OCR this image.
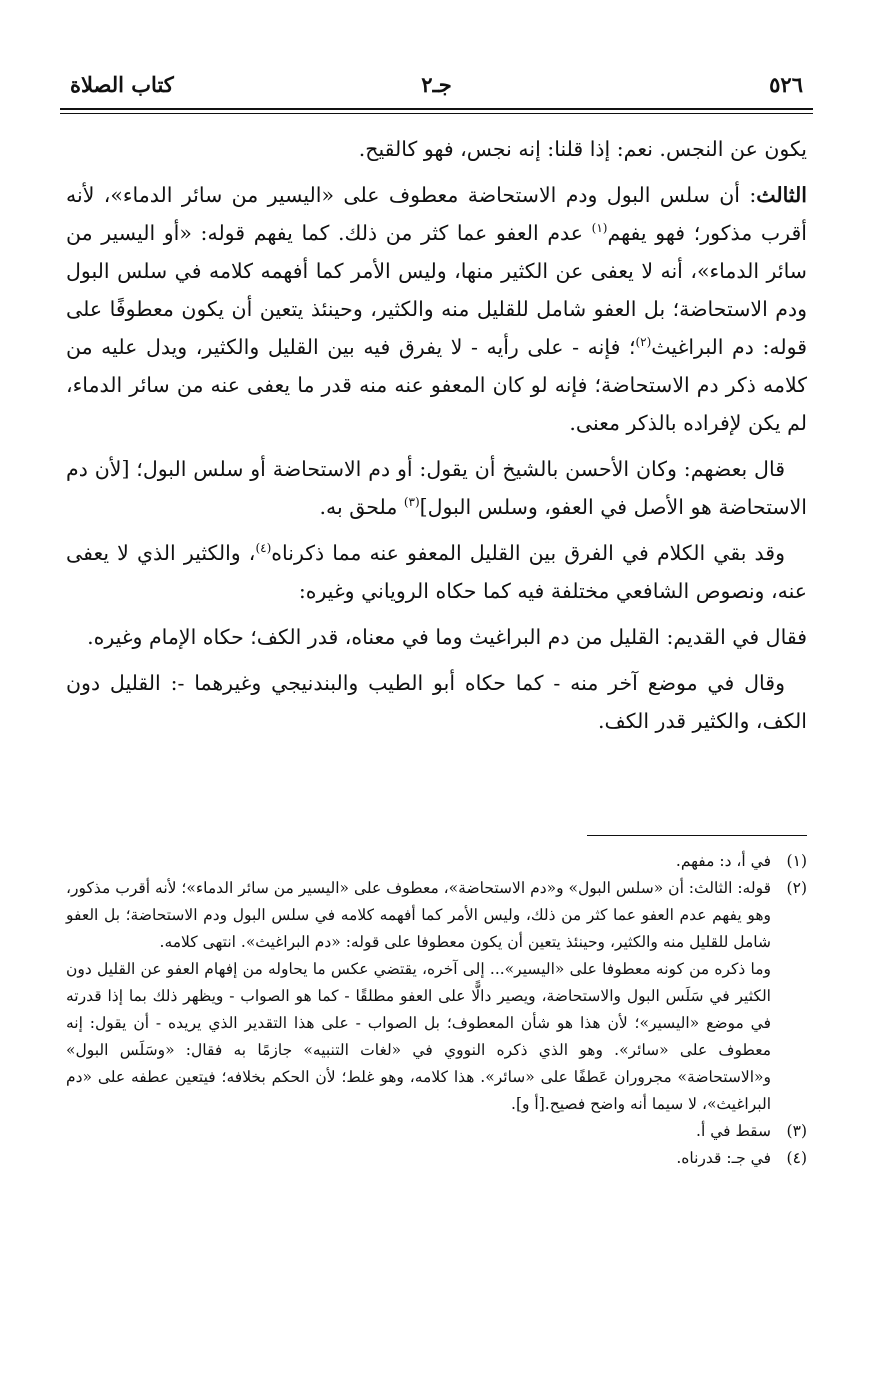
٥٢٦
جـ٢
كتاب الصلاة

يكون عن النجس. نعم: إذا قلنا: إنه نجس، فهو كالقيح.

الثالث: أن سلس البول ودم الاستحاضة معطوف على «اليسير من سائر الدماء»، لأنه أقرب مذكور؛ فهو يفهم$^{(١)}$ عدم العفو عما كثر من ذلك. كما يفهم قوله: «أو اليسير من سائر الدماء»، أنه لا يعفى عن الكثير منها، وليس الأمر كما أفهمه كلامه في سلس البول ودم الاستحاضة؛ بل العفو شامل للقليل منه والكثير، وحينئذ يتعين أن يكون معطوفًا على قوله: دم البراغيث$^{(٢)}$؛ فإنه - على رأيه - لا يفرق فيه بين القليل والكثير، ويدل عليه من كلامه ذكر دم الاستحاضة؛ فإنه لو كان المعفو عنه منه قدر ما يعفى عنه من سائر الدماء، لم يكن لإفراده بالذكر معنى.

قال بعضهم: وكان الأحسن بالشيخ أن يقول: أو دم الاستحاضة أو سلس البول؛ [لأن دم الاستحاضة هو الأصل في العفو، وسلس البول]$^{(٣)}$ ملحق به.

وقد بقي الكلام في الفرق بين القليل المعفو عنه مما ذكرناه$^{(٤)}$، والكثير الذي لا يعفى عنه، ونصوص الشافعي مختلفة فيه كما حكاه الروياني وغيره:

فقال في القديم: القليل من دم البراغيث وما في معناه، قدر الكف؛ حكاه الإمام وغيره.

وقال في موضع آخر منه - كما حكاه أبو الطيب والبندنيجي وغيرهما -: القليل دون الكف، والكثير قدر الكف.

(١)

في أ، د: مفهم.

(٢)

قوله: الثالث: أن «سلس البول» و«دم الاستحاضة»، معطوف على «اليسير من سائر الدماء»؛ لأنه أقرب مذكور، وهو يفهم عدم العفو عما كثر من ذلك، وليس الأمر كما أفهمه كلامه في سلس البول ودم الاستحاضة؛ بل العفو شامل للقليل منه والكثير، وحينئذ يتعين أن يكون معطوفا على قوله: «دم البراغيث». انتهى كلامه.

وما ذكره من كونه معطوفا على «اليسير»... إلى آخره، يقتضي عكس ما يحاوله من إفهام العفو عن القليل دون الكثير في سَلَس البول والاستحاضة، ويصير دالًّا على العفو مطلقًا - كما هو الصواب - ويظهر ذلك بما إذا قدرته في موضع «اليسير»؛ لأن هذا هو شأن المعطوف؛ بل الصواب - على هذا التقدير الذي يريده - أن يقول: إنه معطوف على «سائر». وهو الذي ذكره النووي في «لغات التنبيه» جازمًا به فقال: «وسَلَس البول» و«الاستحاضة» مجروران عَطفًا على «سائر». هذا كلامه، وهو غلط؛ لأن الحكم بخلافه؛ فيتعين عطفه على «دم البراغيث»، لا سيما أنه واضح فصيح.[أ و].

(٣)

سقط في أ.

(٤)

في جـ: قدرناه.
